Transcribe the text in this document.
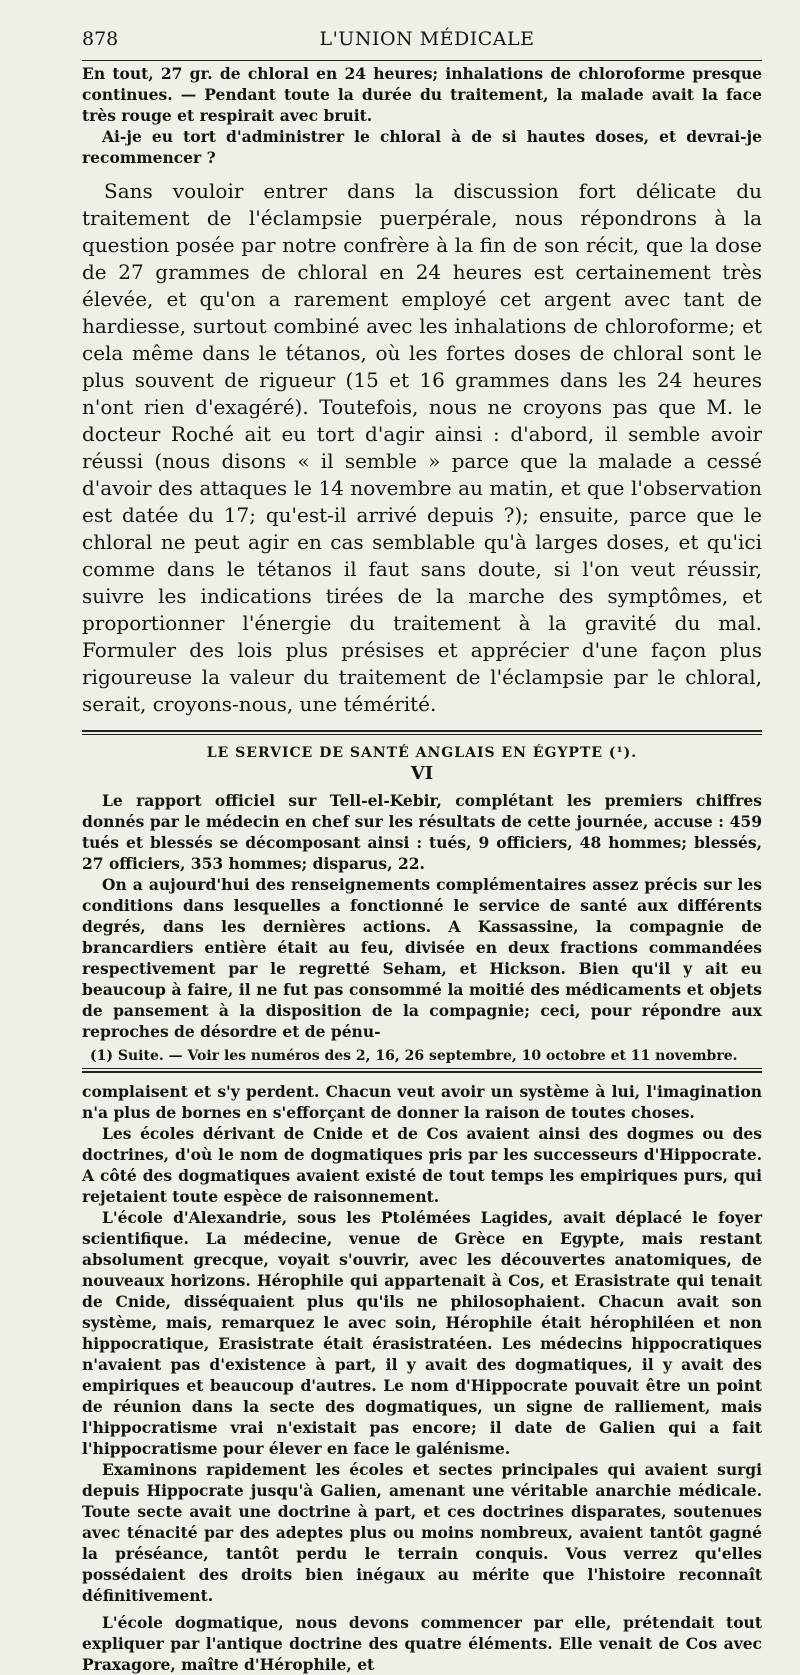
878	L'UNION MÉDICALE

En tout, 27 gr. de chloral en 24 heures; inhalations de chloroforme presque continues. — Pendant toute la durée du traitement, la malade avait la face très rouge et respirait avec bruit.

Ai-je eu tort d'administrer le chloral à de si hautes doses, et devrai-je recommencer ?

Sans vouloir entrer dans la discussion fort délicate du traitement de l'éclampsie puerpérale, nous répondrons à la question posée par notre confrère à la fin de son récit, que la dose de 27 grammes de chloral en 24 heures est certainement très élevée, et qu'on a rarement employé cet argent avec tant de hardiesse, surtout combiné avec les inhalations de chloroforme; et cela même dans le tétanos, où les fortes doses de chloral sont le plus souvent de rigueur (15 et 16 grammes dans les 24 heures n'ont rien d'exagéré). Toutefois, nous ne croyons pas que M. le docteur Roché ait eu tort d'agir ainsi : d'abord, il semble avoir réussi (nous disons « il semble » parce que la malade a cessé d'avoir des attaques le 14 novembre au matin, et que l'observation est datée du 17; qu'est-il arrivé depuis ?); ensuite, parce que le chloral ne peut agir en cas semblable qu'à larges doses, et qu'ici comme dans le tétanos il faut sans doute, si l'on veut réussir, suivre les indications tirées de la marche des symptômes, et proportionner l'énergie du traitement à la gravité du mal. Formuler des lois plus présises et apprécier d'une façon plus rigoureuse la valeur du traitement de l'éclampsie par le chloral, serait, croyons-nous, une témérité.

LE SERVICE DE SANTÉ ANGLAIS EN ÉGYPTE (¹).
VI

Le rapport officiel sur Tell-el-Kebir, complétant les premiers chiffres donnés par le médecin en chef sur les résultats de cette journée, accuse : 459 tués et blessés se décomposant ainsi : tués, 9 officiers, 48 hommes; blessés, 27 officiers, 353 hommes; disparus, 22.

On a aujourd'hui des renseignements complémentaires assez précis sur les conditions dans lesquelles a fonctionné le service de santé aux différents degrés, dans les dernières actions. A Kassassine, la compagnie de brancardiers entière était au feu, divisée en deux fractions commandées respectivement par le regretté Seham, et Hickson. Bien qu'il y ait eu beaucoup à faire, il ne fut pas consommé la moitié des médicaments et objets de pansement à la disposition de la compagnie; ceci, pour répondre aux reproches de désordre et de pénu-

(1) Suite. — Voir les numéros des 2, 16, 26 septembre, 10 octobre et 11 novembre.

complaisent et s'y perdent. Chacun veut avoir un système à lui, l'imagination n'a plus de bornes en s'efforçant de donner la raison de toutes choses.

Les écoles dérivant de Cnide et de Cos avaient ainsi des dogmes ou des doctrines, d'où le nom de dogmatiques pris par les successeurs d'Hippocrate. A côté des dogmatiques avaient existé de tout temps les empiriques purs, qui rejetaient toute espèce de raisonnement.

L'école d'Alexandrie, sous les Ptolémées Lagides, avait déplacé le foyer scientifique. La médecine, venue de Grèce en Egypte, mais restant absolument grecque, voyait s'ouvrir, avec les découvertes anatomiques, de nouveaux horizons. Hérophile qui appartenait à Cos, et Erasistrate qui tenait de Cnide, disséquaient plus qu'ils ne philosophaient. Chacun avait son système, mais, remarquez le avec soin, Hérophile était hérophiléen et non hippocratique, Erasistrate était érasistratéen. Les médecins hippocratiques n'avaient pas d'existence à part, il y avait des dogmatiques, il y avait des empiriques et beaucoup d'autres. Le nom d'Hippocrate pouvait être un point de réunion dans la secte des dogmatiques, un signe de ralliement, mais l'hippocratisme vrai n'existait pas encore; il date de Galien qui a fait l'hippocratisme pour élever en face le galénisme.

Examinons rapidement les écoles et sectes principales qui avaient surgi depuis Hippocrate jusqu'à Galien, amenant une véritable anarchie médicale. Toute secte avait une doctrine à part, et ces doctrines disparates, soutenues avec ténacité par des adeptes plus ou moins nombreux, avaient tantôt gagné la préséance, tantôt perdu le terrain conquis. Vous verrez qu'elles possédaient des droits bien inégaux au mérite que l'histoire reconnaît définitivement.

L'école dogmatique, nous devons commencer par elle, prétendait tout expliquer par l'antique doctrine des quatre éléments. Elle venait de Cos avec Praxagore, maître d'Hérophile, et
